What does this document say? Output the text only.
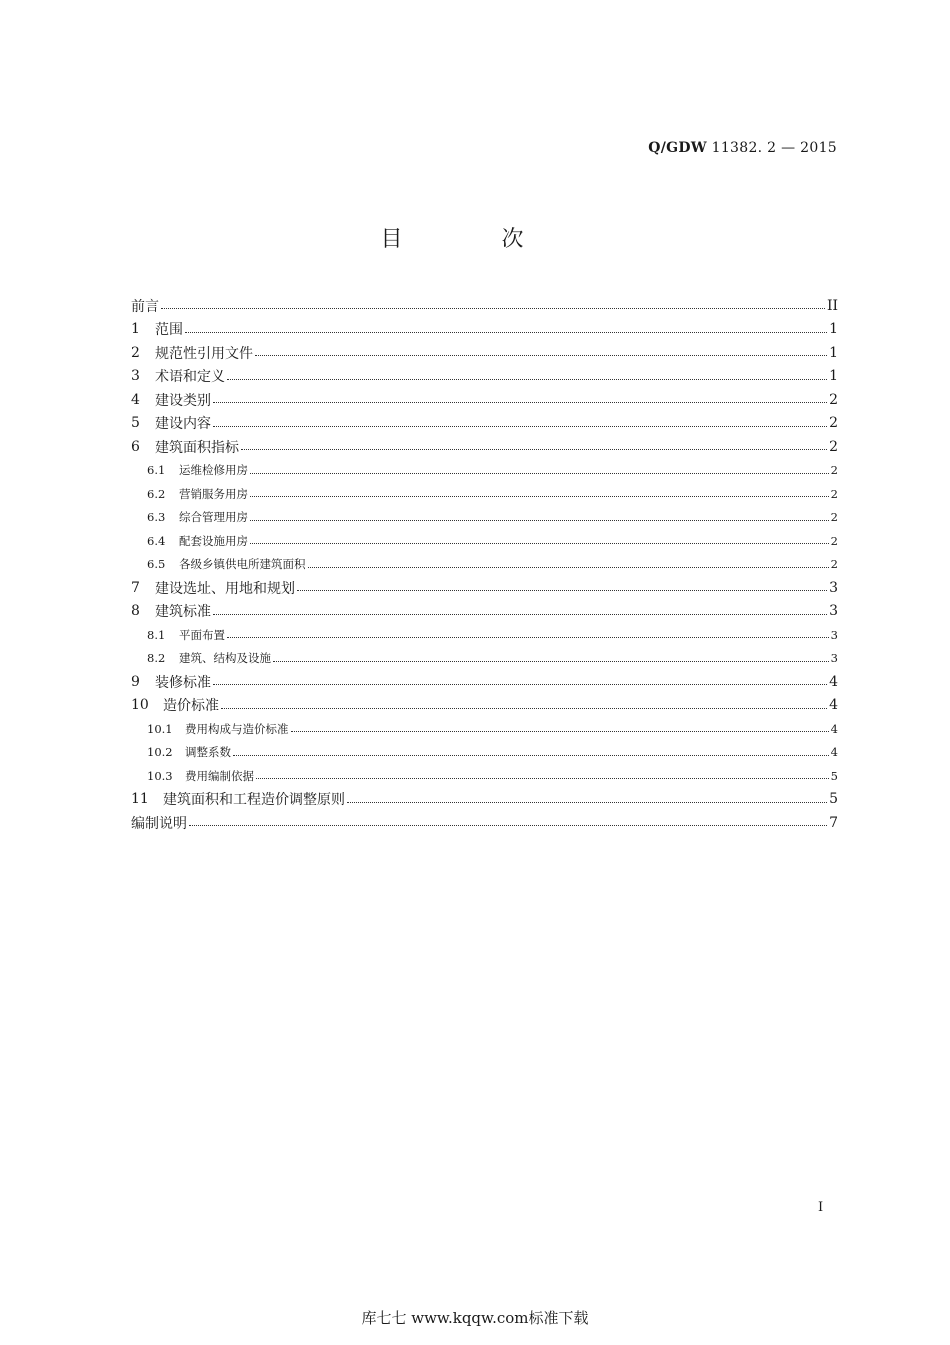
Q/GDW 11382. 2 — 2015
目 次
前言	II
1	范围	1
2	规范性引用文件	1
3	术语和定义	1
4	建设类别	2
5	建设内容	2
6	建筑面积指标	2
6.1	运维检修用房	2
6.2	营销服务用房	2
6.3	综合管理用房	2
6.4	配套设施用房	2
6.5	各级乡镇供电所建筑面积	2
7	建设选址、用地和规划	3
8	建筑标准	3
8.1	平面布置	3
8.2	建筑、结构及设施	3
9	装修标准	4
10	造价标准	4
10.1	费用构成与造价标准	4
10.2	调整系数	4
10.3	费用编制依据	5
11	建筑面积和工程造价调整原则	5
编制说明	7
I
库七七 www.kqqw.com标准下载
